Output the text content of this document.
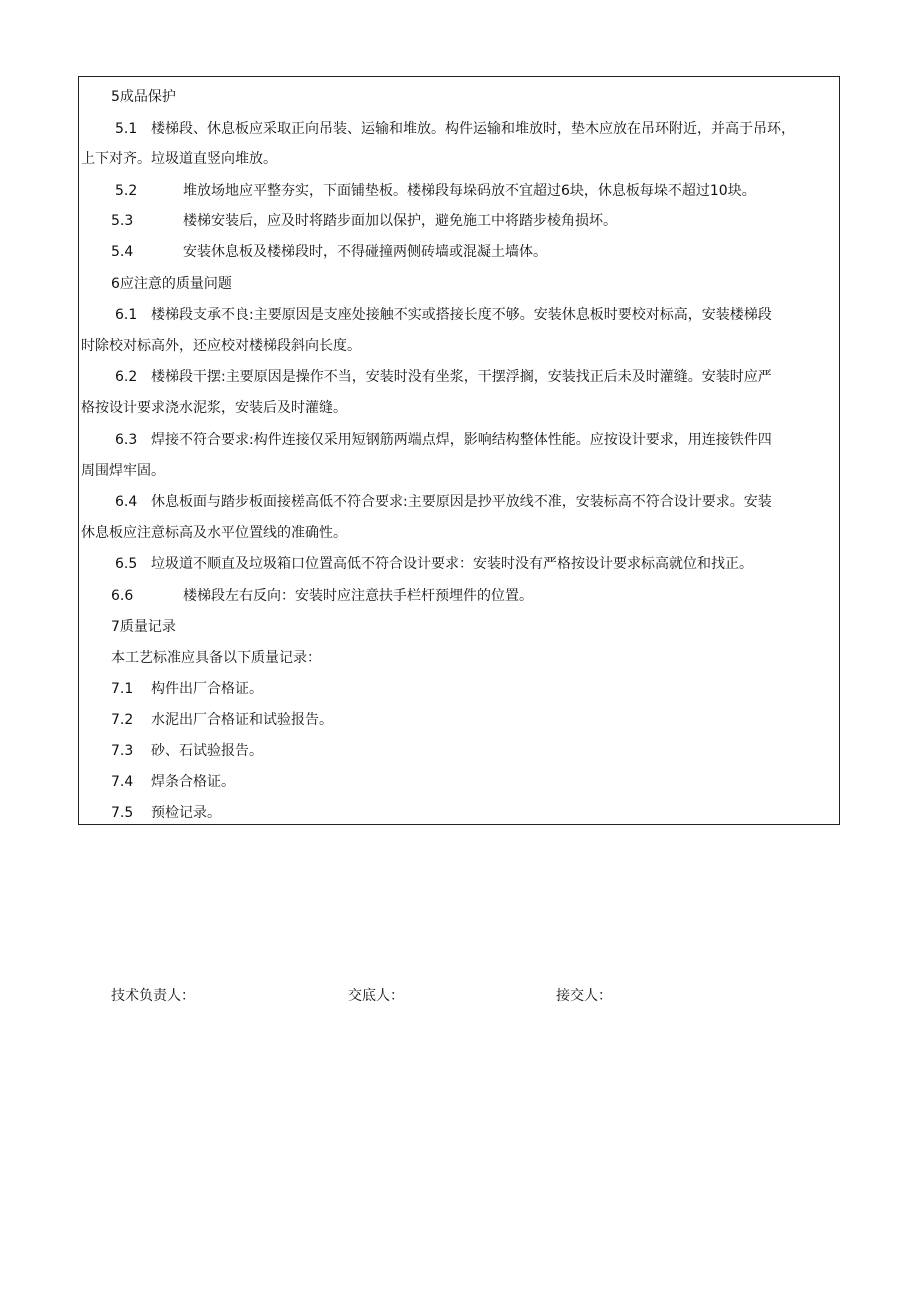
5成品保护
5.1 楼梯段、休息板应采取正向吊装、运输和堆放。构件运输和堆放时，垫木应放在吊环附近，并高于吊环，
上下对齐。垃圾道直竖向堆放。
5.2	堆放场地应平整夯实，下面铺垫板。楼梯段每垛码放不宜超过6块，休息板每垛不超过10块。
5.3	楼梯安装后，应及时将踏步面加以保护，避免施工中将踏步棱角损坏。
5.4	安装休息板及楼梯段时，不得碰撞两侧砖墙或混凝土墙体。
6应注意的质量问题
6.1 楼梯段支承不良:主要原因是支座处接触不实或搭接长度不够。安装休息板时要校对标高，安装楼梯段
时除校对标高外，还应校对楼梯段斜向长度。
6.2 楼梯段干摆:主要原因是操作不当，安装时没有坐浆，干摆浮搁，安装找正后未及时灌缝。安装时应严
格按设计要求浇水泥浆，安装后及时灌缝。
6.3 焊接不符合要求:构件连接仅采用短钢筋两端点焊，影响结构整体性能。应按设计要求，用连接铁件四
周围焊牢固。
6.4 休息板面与踏步板面接槎高低不符合要求:主要原因是抄平放线不准，安装标高不符合设计要求。安装
休息板应注意标高及水平位置线的准确性。
6.5 垃圾道不顺直及垃圾箱口位置高低不符合设计要求：安装时没有严格按设计要求标高就位和找正。
6.6	楼梯段左右反向：安装时应注意扶手栏杆预埋件的位置。
7质量记录
本工艺标准应具备以下质量记录：
7.1 构件出厂合格证。
7.2 水泥出厂合格证和试验报告。
7.3 砂、石试验报告。
7.4 焊条合格证。
7.5 预检记录。
技术负责人：	交底人：	接交人：
